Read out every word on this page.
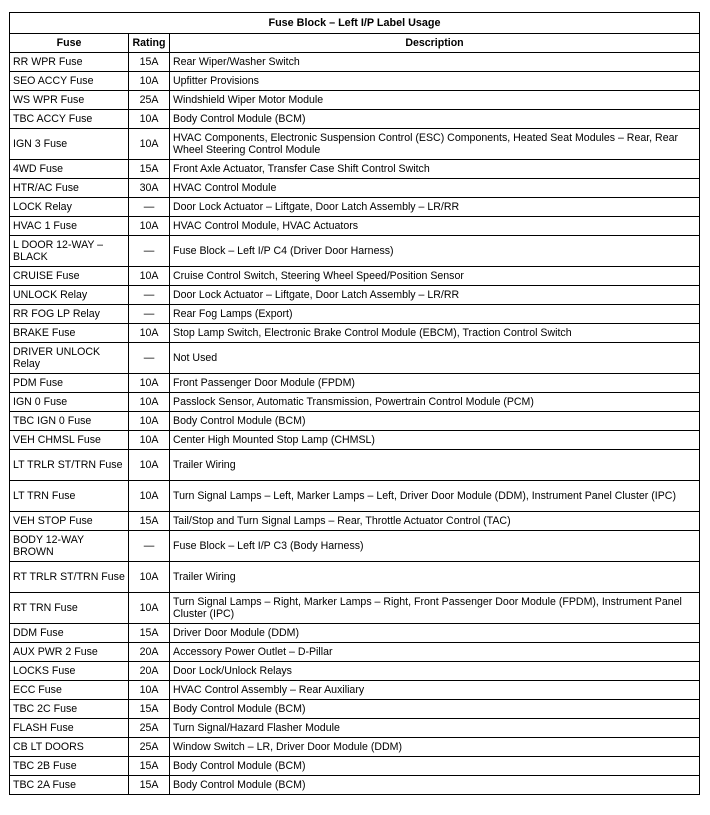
Fuse Block – Left I/P Label Usage		
Fuse	Rating	Description
RR WPR Fuse	15A	Rear Wiper/Washer Switch
SEO ACCY Fuse	10A	Upfitter Provisions
WS WPR Fuse	25A	Windshield Wiper Motor Module
TBC ACCY Fuse	10A	Body Control Module (BCM)
IGN 3 Fuse	10A	HVAC Components, Electronic Suspension Control (ESC) Components, Heated Seat Modules – Rear, Rear Wheel Steering Control Module
4WD Fuse	15A	Front Axle Actuator, Transfer Case Shift Control Switch
HTR/AC Fuse	30A	HVAC Control Module
LOCK Relay	—	Door Lock Actuator – Liftgate, Door Latch Assembly – LR/RR
HVAC 1 Fuse	10A	HVAC Control Module, HVAC Actuators
L DOOR 12-WAY – BLACK	—	Fuse Block – Left I/P C4 (Driver Door Harness)
CRUISE Fuse	10A	Cruise Control Switch, Steering Wheel Speed/Position Sensor
UNLOCK Relay	—	Door Lock Actuator – Liftgate, Door Latch Assembly – LR/RR
RR FOG LP Relay	—	Rear Fog Lamps (Export)
BRAKE Fuse	10A	Stop Lamp Switch, Electronic Brake Control Module (EBCM), Traction Control Switch
DRIVER UNLOCK Relay	—	Not Used
PDM Fuse	10A	Front Passenger Door Module (FPDM)
IGN 0 Fuse	10A	Passlock Sensor, Automatic Transmission, Powertrain Control Module (PCM)
TBC IGN 0 Fuse	10A	Body Control Module (BCM)
VEH CHMSL Fuse	10A	Center High Mounted Stop Lamp (CHMSL)
LT TRLR ST/TRN Fuse	10A	Trailer Wiring
LT TRN Fuse	10A	Turn Signal Lamps – Left, Marker Lamps – Left, Driver Door Module (DDM), Instrument Panel Cluster (IPC)
VEH STOP Fuse	15A	Tail/Stop and Turn Signal Lamps – Rear, Throttle Actuator Control (TAC)
BODY 12-WAY BROWN	—	Fuse Block – Left I/P C3 (Body Harness)
RT TRLR ST/TRN Fuse	10A	Trailer Wiring
RT TRN Fuse	10A	Turn Signal Lamps – Right, Marker Lamps – Right, Front Passenger Door Module (FPDM), Instrument Panel Cluster (IPC)
DDM Fuse	15A	Driver Door Module (DDM)
AUX PWR 2 Fuse	20A	Accessory Power Outlet – D-Pillar
LOCKS Fuse	20A	Door Lock/Unlock Relays
ECC Fuse	10A	HVAC Control Assembly – Rear Auxiliary
TBC 2C Fuse	15A	Body Control Module (BCM)
FLASH Fuse	25A	Turn Signal/Hazard Flasher Module
CB LT DOORS	25A	Window Switch – LR, Driver Door Module (DDM)
TBC 2B Fuse	15A	Body Control Module (BCM)
TBC 2A Fuse	15A	Body Control Module (BCM)
